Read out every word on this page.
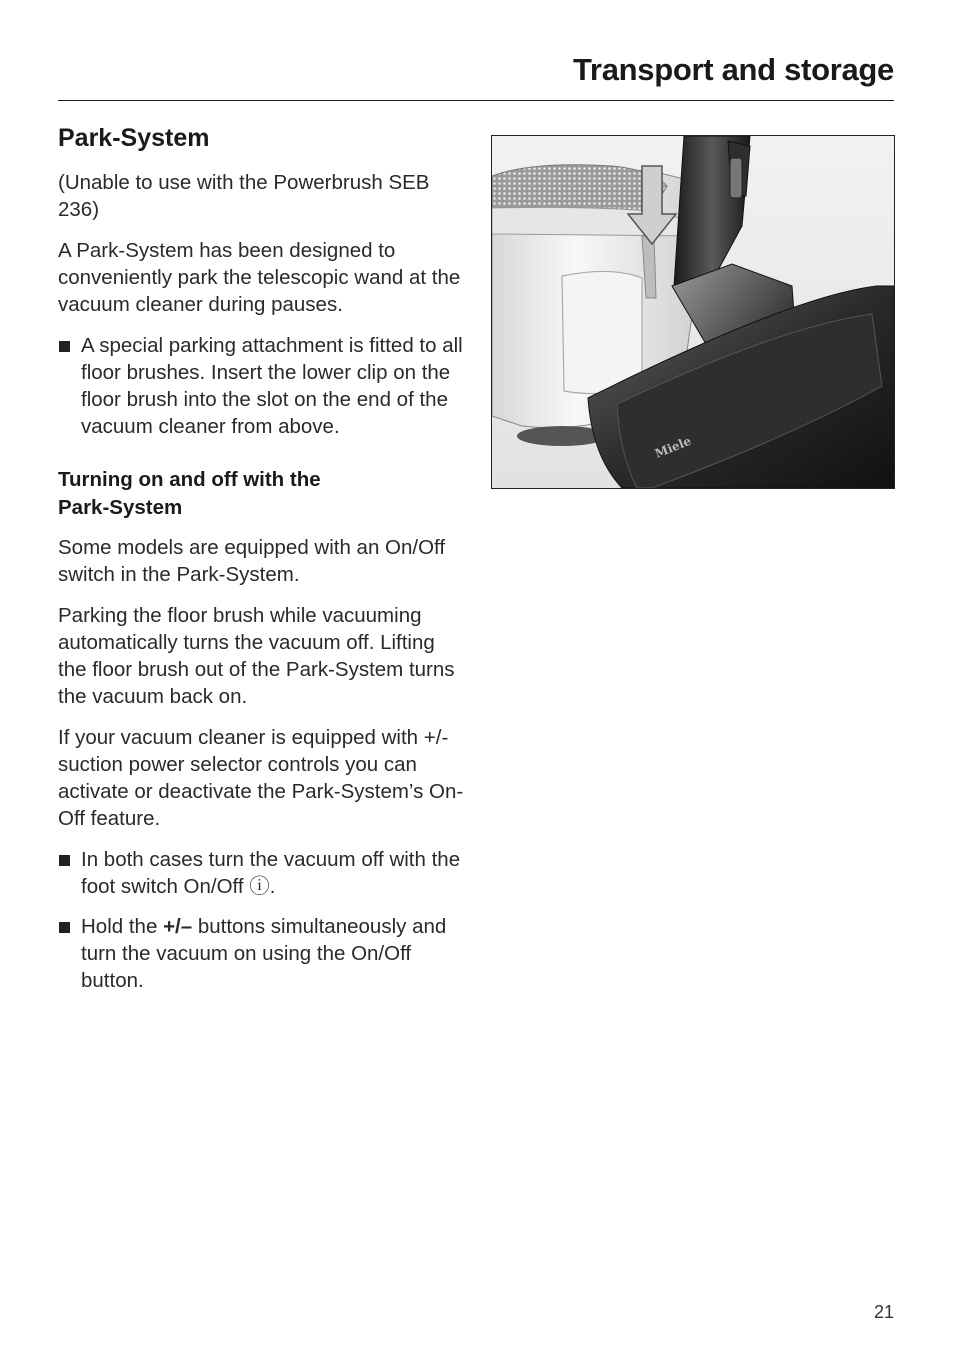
Transport and storage
Park-System

(Unable to use with the Powerbrush SEB 236)

A Park-System has been designed to conveniently park the telescopic wand at the vacuum cleaner during pauses.

A special parking attachment is fitted to all floor brushes. Insert the lower clip on the floor brush into the slot on the end of the vacuum cleaner from above.
Turning on and off with the
Park-System

Some models are equipped with an On/Off switch in the Park-System.

Parking the floor brush while vacuuming automatically turns the vacuum off. Lifting the floor brush out of the Park-System turns the vacuum back on.

If your vacuum cleaner is equipped with +/- suction power selector controls you can activate or deactivate the Park-System’s On-Off feature.

In both cases turn the vacuum off with the foot switch On/Off ⓘ.
Hold the +/– buttons simultaneously and turn the vacuum on using the On/Off button.
Miele
21
